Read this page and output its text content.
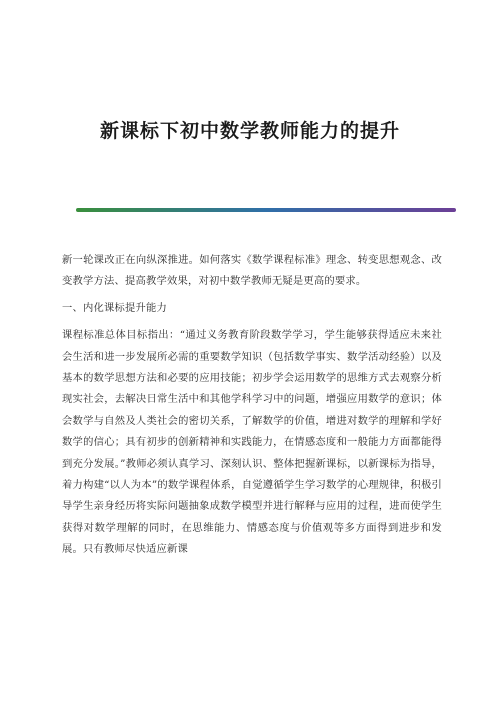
新课标下初中数学教师能力的提升

新一轮课改正在向纵深推进。如何落实《数学课程标准》理念、转变思想观念、改变教学方法、提高教学效果，对初中数学教师无疑是更高的要求。

一、内化课标提升能力

课程标准总体目标指出：“通过义务教育阶段数学学习，学生能够获得适应未来社会生活和进一步发展所必需的重要数学知识（包括数学事实、数学活动经验）以及基本的数学思想方法和必要的应用技能；初步学会运用数学的思维方式去观察分析现实社会，去解决日常生活中和其他学科学习中的问题，增强应用数学的意识；体会数学与自然及人类社会的密切关系，了解数学的价值，增进对数学的理解和学好数学的信心；具有初步的创新精神和实践能力，在情感态度和一般能力方面都能得到充分发展。”教师必须认真学习、深刻认识、整体把握新课标，以新课标为指导，着力构建“以人为本”的数学课程体系，自觉遵循学生学习数学的心理规律，积极引导学生亲身经历将实际问题抽象成数学模型并进行解释与应用的过程，进而使学生获得对数学理解的同时，在思维能力、情感态度与价值观等多方面得到进步和发展。只有教师尽快适应新课
